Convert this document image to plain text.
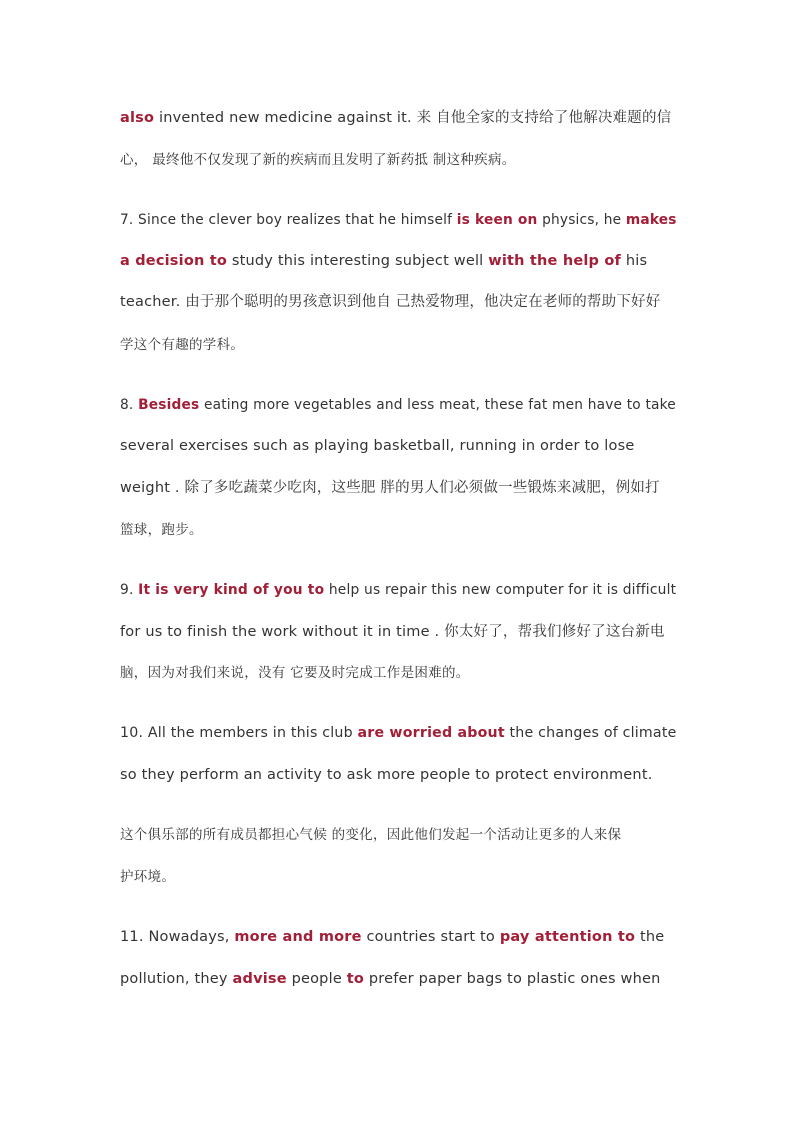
also invented new medicine against it. 来 自他全家的支持给了他解决难题的信
心， 最终他不仅发现了新的疾病而且发明了新药抵 制这种疾病。
7. Since the clever boy realizes that he himself is keen on physics, he makes
a decision to study this interesting subject well with the help of his
teacher. 由于那个聪明的男孩意识到他自 己热爱物理，他决定在老师的帮助下好好
学这个有趣的学科。
8. Besides eating more vegetables and less meat, these fat men have to take
several exercises such as playing basketball, running in order to lose
weight . 除了多吃蔬菜少吃肉，这些肥 胖的男人们必须做一些锻炼来减肥，例如打
篮球，跑步。
9. It is very kind of you to help us repair this new computer for it is difficult
for us to finish the work without it in time . 你太好了，帮我们修好了这台新电
脑，因为对我们来说，没有 它要及时完成工作是困难的。
10. All the members in this club are worried about the changes of climate
so they perform an activity to ask more people to protect environment.
这个俱乐部的所有成员都担心气候 的变化，因此他们发起一个活动让更多的人来保
护环境。
11. Nowadays, more and more countries start to pay attention to the
pollution, they advise people to prefer paper bags to plastic ones when
